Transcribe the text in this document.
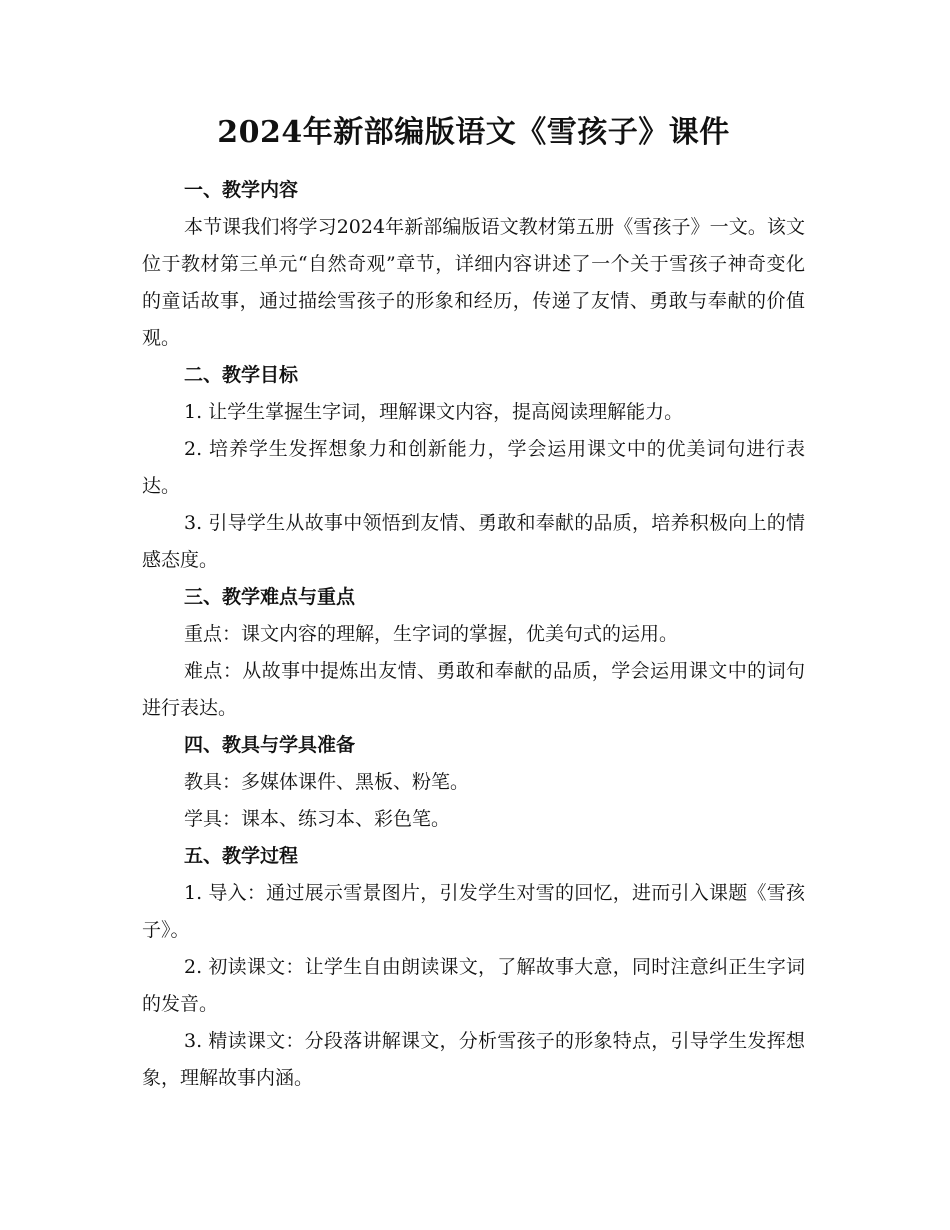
2024年新部编版语文《雪孩子》课件

一、教学内容

本节课我们将学习2024年新部编版语文教材第五册《雪孩子》一文。该文位于教材第三单元“自然奇观”章节，详细内容讲述了一个关于雪孩子神奇变化的童话故事，通过描绘雪孩子的形象和经历，传递了友情、勇敢与奉献的价值观。

二、教学目标

1. 让学生掌握生字词，理解课文内容，提高阅读理解能力。

2. 培养学生发挥想象力和创新能力，学会运用课文中的优美词句进行表达。

3. 引导学生从故事中领悟到友情、勇敢和奉献的品质，培养积极向上的情感态度。

三、教学难点与重点

重点：课文内容的理解，生字词的掌握，优美句式的运用。

难点：从故事中提炼出友情、勇敢和奉献的品质，学会运用课文中的词句进行表达。

四、教具与学具准备

教具：多媒体课件、黑板、粉笔。

学具：课本、练习本、彩色笔。

五、教学过程

1. 导入：通过展示雪景图片，引发学生对雪的回忆，进而引入课题《雪孩子》。

2. 初读课文：让学生自由朗读课文，了解故事大意，同时注意纠正生字词的发音。

3. 精读课文：分段落讲解课文，分析雪孩子的形象特点，引导学生发挥想象，理解故事内涵。
